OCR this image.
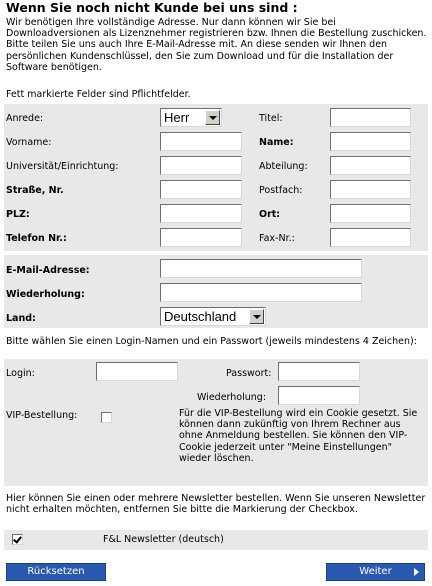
Wenn Sie noch nicht Kunde bei uns sind :
Wir benötigen Ihre vollständige Adresse. Nur dann können wir Sie bei Downloadversionen als Lizenznehmer registrieren bzw. Ihnen die Bestellung zuschicken. Bitte teilen Sie uns auch Ihre E-Mail-Adresse mit. An diese senden wir Ihnen den persönlichen Kundenschlüssel, den Sie zum Download und für die Installation der Software benötigen.
Fett markierte Felder sind Pflichtfelder.
Anrede:	Herr	Titel:
Vorname:	Name:
Universität/Einrichtung:	Abteilung:
Straße, Nr.	Postfach:
PLZ:	Ort:
Telefon Nr.:	Fax-Nr.:
E-Mail-Adresse:
Wiederholung:
Land:	Deutschland
Bitte wählen Sie einen Login-Namen und ein Passwort (jeweils mindestens 4 Zeichen):
Login:	Passwort:
Wiederholung:
VIP-Bestellung:	Für die VIP-Bestellung wird ein Cookie gesetzt. Sie können dann zukünftig von Ihrem Rechner aus ohne Anmeldung bestellen. Sie können den VIP-Cookie jederzeit unter "Meine Einstellungen" wieder löschen.
Hier können Sie einen oder mehrere Newsletter bestellen. Wenn Sie unseren Newsletter nicht erhalten möchten, entfernen Sie bitte die Markierung der Checkbox.
F&L Newsletter (deutsch)
Rücksetzen	Weiter
